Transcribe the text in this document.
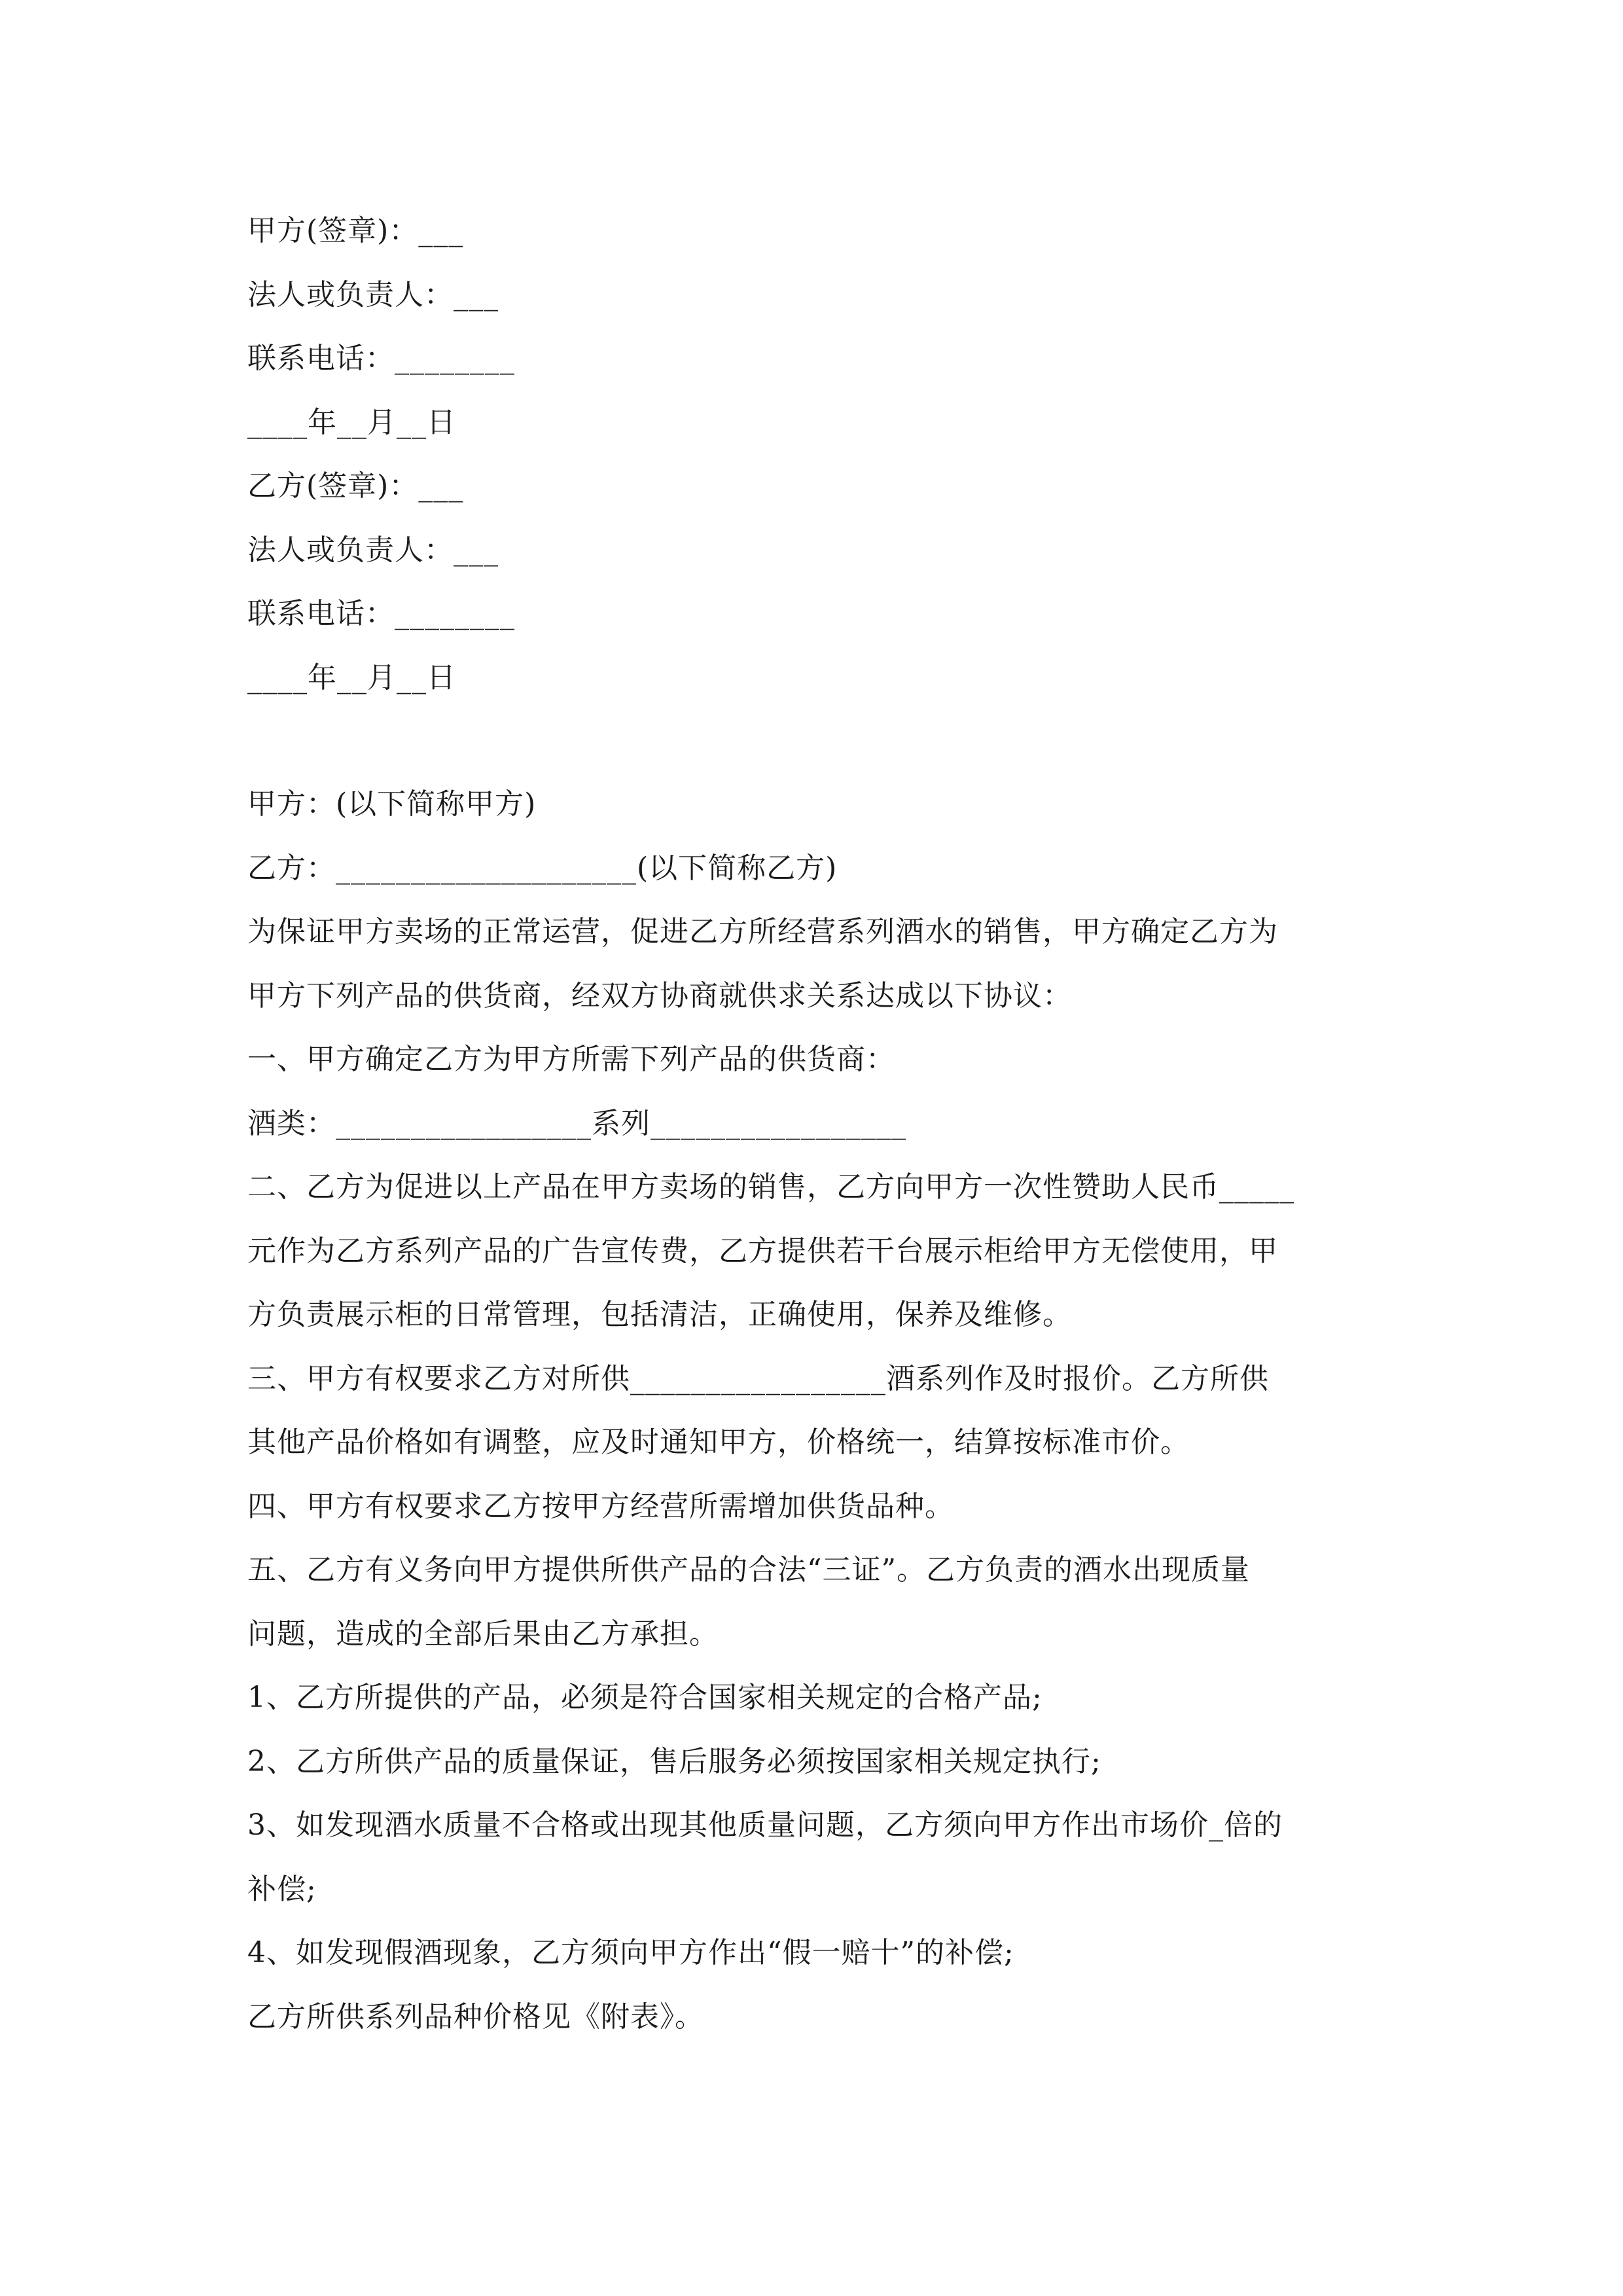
甲方(签章)：___
法人或负责人：___
联系电话：________
____年__月__日
乙方(签章)：___
法人或负责人：___
联系电话：________
____年__月__日
甲方：(以下简称甲方)
乙方：____________________(以下简称乙方)
为保证甲方卖场的正常运营，促进乙方所经营系列酒水的销售，甲方确定乙方为
甲方下列产品的供货商，经双方协商就供求关系达成以下协议：
一、甲方确定乙方为甲方所需下列产品的供货商：
酒类：_________________系列_________________
二、乙方为促进以上产品在甲方卖场的销售，乙方向甲方一次性赞助人民币_____
元作为乙方系列产品的广告宣传费，乙方提供若干台展示柜给甲方无偿使用，甲
方负责展示柜的日常管理，包括清洁，正确使用，保养及维修。
三、甲方有权要求乙方对所供_________________酒系列作及时报价。乙方所供
其他产品价格如有调整，应及时通知甲方，价格统一，结算按标准市价。
四、甲方有权要求乙方按甲方经营所需增加供货品种。
五、乙方有义务向甲方提供所供产品的合法“三证”。乙方负责的酒水出现质量
问题，造成的全部后果由乙方承担。
1、乙方所提供的产品，必须是符合国家相关规定的合格产品;
2、乙方所供产品的质量保证，售后服务必须按国家相关规定执行;
3、如发现酒水质量不合格或出现其他质量问题，乙方须向甲方作出市场价_倍的
补偿;
4、如发现假酒现象，乙方须向甲方作出“假一赔十”的补偿;
乙方所供系列品种价格见《附表》。
